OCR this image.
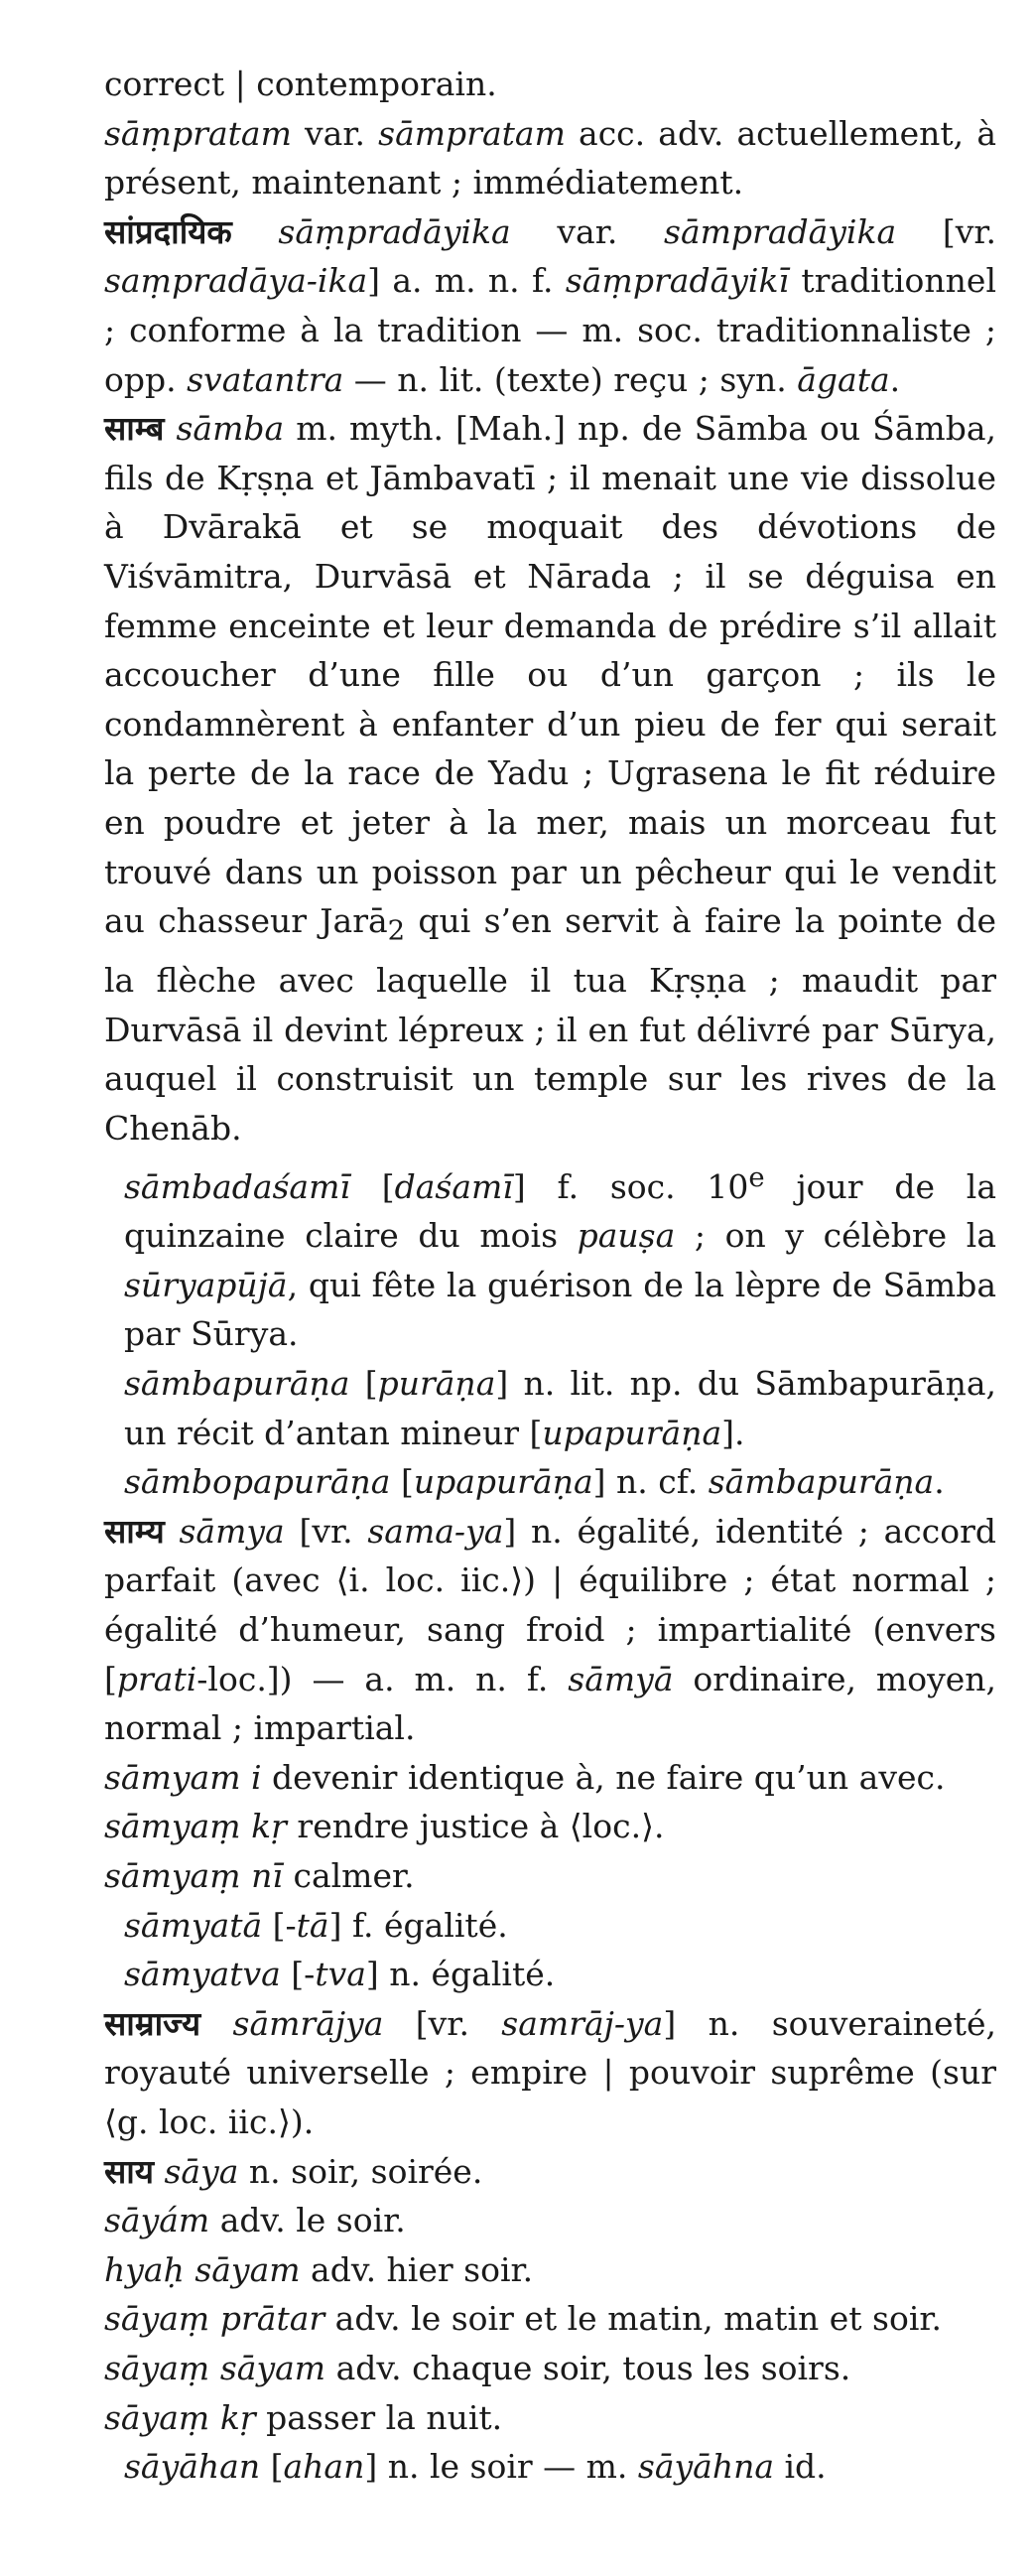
correct | contemporain.

sāṃpratam var. sāmpratam acc. adv. actuellement, à présent, maintenant ; immédiatement.

सांप्रदायिक sāṃpradāyika var. sāmpradāyika [vr. saṃpradāya-ika] a. m. n. f. sāṃpradāyikī traditionnel ; conforme à la tradition — m. soc. traditionnaliste ; opp. svatantra — n. lit. (texte) reçu ; syn. āgata.

साम्ब sāmba m. myth. [Mah.] np. de Sāmba ou Śāmba, fils de Kṛṣṇa et Jāmbavatī ; il menait une vie dissolue à Dvārakā et se moquait des dévotions de Viśvāmitra, Durvāsā et Nārada ; il se déguisa en femme enceinte et leur demanda de prédire s’il allait accoucher d’une fille ou d’un garçon ; ils le condamnèrent à enfanter d’un pieu de fer qui serait la perte de la race de Yadu ; Ugrasena le fit réduire en poudre et jeter à la mer, mais un morceau fut trouvé dans un poisson par un pêcheur qui le vendit au chasseur Jarā$_2$ qui s’en servit à faire la pointe de la flèche avec laquelle il tua Kṛṣṇa ; maudit par Durvāsā il devint lépreux ; il en fut délivré par Sūrya, auquel il construisit un temple sur les rives de la Chenāb.

sāmbadaśamī [daśamī] f. soc. 10e jour de la quinzaine claire du mois pauṣa ; on y célèbre la sūryapūjā, qui fête la guérison de la lèpre de Sāmba par Sūrya.

sāmbapurāṇa [purāṇa] n. lit. np. du Sāmbapurāṇa, un récit d’antan mineur [upapurāṇa].

sāmbopapurāṇa [upapurāṇa] n. cf. sāmbapurāṇa.

साम्य sāmya [vr. sama-ya] n. égalité, identité ; accord parfait (avec ⟨i. loc. iic.⟩) | équilibre ; état normal ; égalité d’humeur, sang froid ; impartialité (envers [prati-loc.]) — a. m. n. f. sāmyā ordinaire, moyen, normal ; impartial.

sāmyam i devenir identique à, ne faire qu’un avec.

sāmyaṃ kṛ rendre justice à ⟨loc.⟩.

sāmyaṃ nī calmer.

sāmyatā [-tā] f. égalité.

sāmyatva [-tva] n. égalité.

साम्राज्य sāmrājya [vr. samrāj-ya] n. souveraineté, royauté universelle ; empire | pouvoir suprême (sur ⟨g. loc. iic.⟩).

साय sāya n. soir, soirée.

sāyám adv. le soir.

hyaḥ sāyam adv. hier soir.

sāyaṃ prātar adv. le soir et le matin, matin et soir.

sāyaṃ sāyam adv. chaque soir, tous les soirs.

sāyaṃ kṛ passer la nuit.

sāyāhan [ahan] n. le soir — m. sāyāhna id.
